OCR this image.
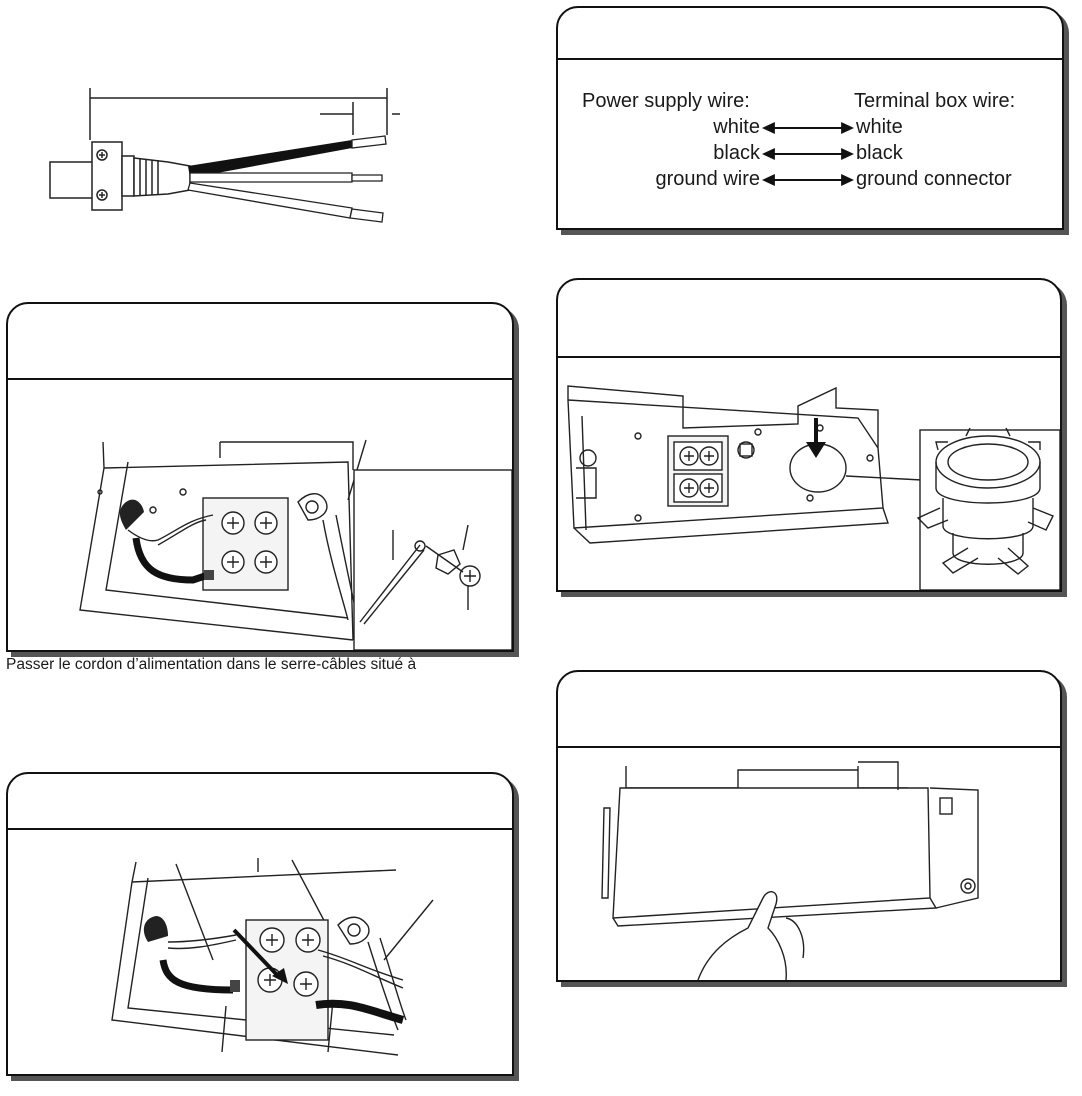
Power supply wire:	Terminal box wire:
white	white
black	black
ground wire	ground connector
Passer le cordon d’alimentation dans le serre-câbles situé à
